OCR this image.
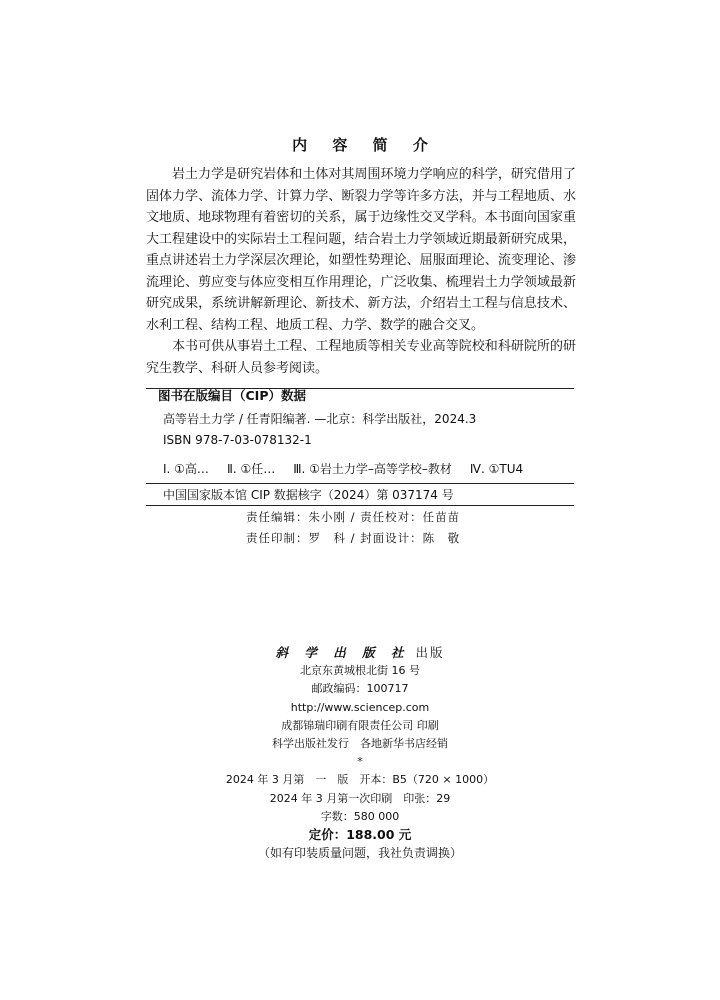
内 容 简 介

岩土力学是研究岩体和土体对其周围环境力学响应的科学，研究借用了固体力学、流体力学、计算力学、断裂力学等许多方法，并与工程地质、水文地质、地球物理有着密切的关系，属于边缘性交叉学科。本书面向国家重大工程建设中的实际岩土工程问题，结合岩土力学领域近期最新研究成果，重点讲述岩土力学深层次理论，如塑性势理论、屈服面理论、流变理论、渗流理论、剪应变与体应变相互作用理论，广泛收集、梳理岩土力学领域最新研究成果，系统讲解新理论、新技术、新方法，介绍岩土工程与信息技术、水利工程、结构工程、地质工程、力学、数学的融合交叉。

本书可供从事岩土工程、工程地质等相关专业高等院校和科研院所的研究生教学、科研人员参考阅读。

图书在版编目（CIP）数据
高等岩土力学 / 任青阳编著. —北京：科学出版社，2024.3
ISBN 978-7-03-078132-1
Ⅰ. ①高… Ⅱ. ①任… Ⅲ. ①岩土力学–高等学校–教材 Ⅳ. ①TU4
中国国家版本馆 CIP 数据核字（2024）第 037174 号
责任编辑：朱小刚 / 责任校对：任苗苗
责任印制：罗　科 / 封面设计：陈　敬
斜 学 出 版 社 出版
北京东黄城根北街 16 号
邮政编码：100717
http://www.sciencep.com
成都锦瑞印刷有限责任公司 印刷
科学出版社发行　各地新华书店经销
*
2024 年 3 月第　一　版　开本：B5（720 × 1000）
2024 年 3 月第一次印刷　印张：29
字数：580 000
定价：188.00 元
（如有印装质量问题，我社负责调换）
